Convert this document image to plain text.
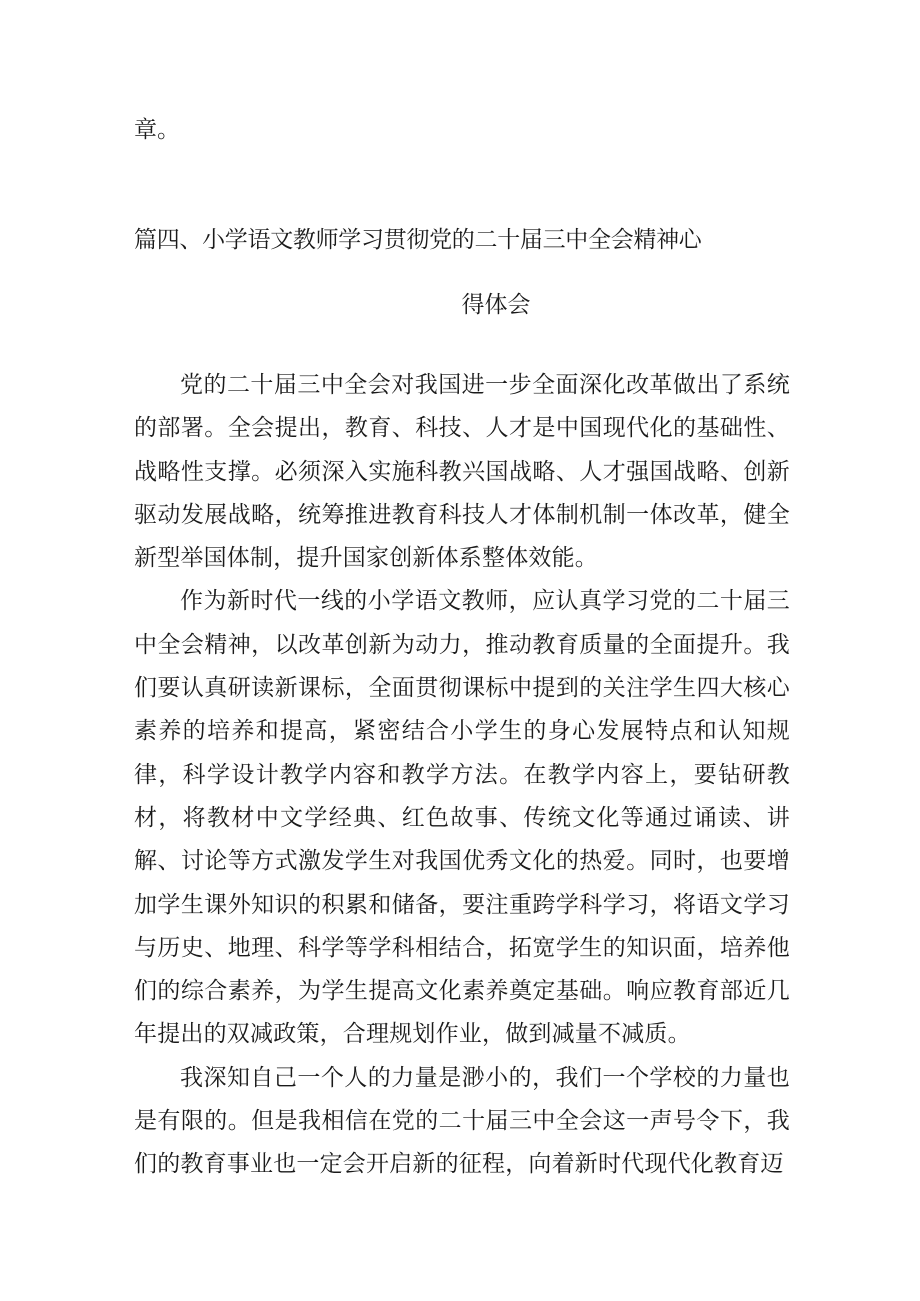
章。

篇四、小学语文教师学习贯彻党的二十届三中全会精神心
得体会

党的二十届三中全会对我国进一步全面深化改革做出了系统的部署。全会提出，教育、科技、人才是中国现代化的基础性、战略性支撑。必须深入实施科教兴国战略、人才强国战略、创新驱动发展战略，统筹推进教育科技人才体制机制一体改革，健全新型举国体制，提升国家创新体系整体效能。

作为新时代一线的小学语文教师，应认真学习党的二十届三中全会精神，以改革创新为动力，推动教育质量的全面提升。我们要认真研读新课标，全面贯彻课标中提到的关注学生四大核心素养的培养和提高，紧密结合小学生的身心发展特点和认知规律，科学设计教学内容和教学方法。在教学内容上，要钻研教材，将教材中文学经典、红色故事、传统文化等通过诵读、讲解、讨论等方式激发学生对我国优秀文化的热爱。同时，也要增加学生课外知识的积累和储备，要注重跨学科学习，将语文学习与历史、地理、科学等学科相结合，拓宽学生的知识面，培养他们的综合素养，为学生提高文化素养奠定基础。响应教育部近几年提出的双减政策，合理规划作业，做到减量不减质。

我深知自己一个人的力量是渺小的，我们一个学校的力量也是有限的。但是我相信在党的二十届三中全会这一声号令下，我们的教育事业也一定会开启新的征程，向着新时代现代化教育迈
